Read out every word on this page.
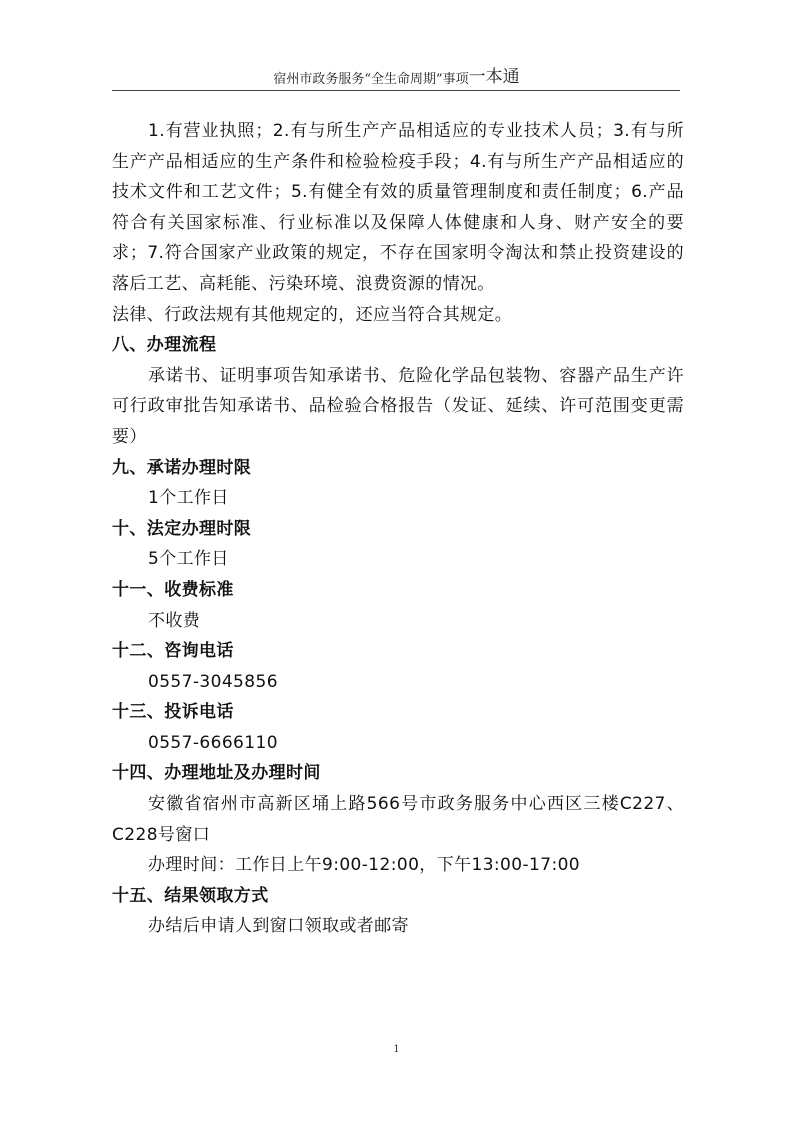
宿州市政务服务“全生命周期”事项一本通

1.有营业执照；2.有与所生产产品相适应的专业技术人员；3.有与所生产产品相适应的生产条件和检验检疫手段；4.有与所生产产品相适应的技术文件和工艺文件；5.有健全有效的质量管理制度和责任制度；6.产品符合有关国家标准、行业标准以及保障人体健康和人身、财产安全的要求；7.符合国家产业政策的规定，不存在国家明令淘汰和禁止投资建设的落后工艺、高耗能、污染环境、浪费资源的情况。

法律、行政法规有其他规定的，还应当符合其规定。

八、办理流程

承诺书、证明事项告知承诺书、危险化学品包装物、容器产品生产许可行政审批告知承诺书、品检验合格报告（发证、延续、许可范围变更需要）

九、承诺办理时限

1个工作日

十、法定办理时限

5个工作日

十一、收费标准

不收费

十二、咨询电话

0557-3045856

十三、投诉电话

0557-6666110

十四、办理地址及办理时间

安徽省宿州市高新区埇上路566号市政务服务中心西区三楼C227、C228号窗口

办理时间：工作日上午9:00-12:00，下午13:00-17:00

十五、结果领取方式

办结后申请人到窗口领取或者邮寄

1
